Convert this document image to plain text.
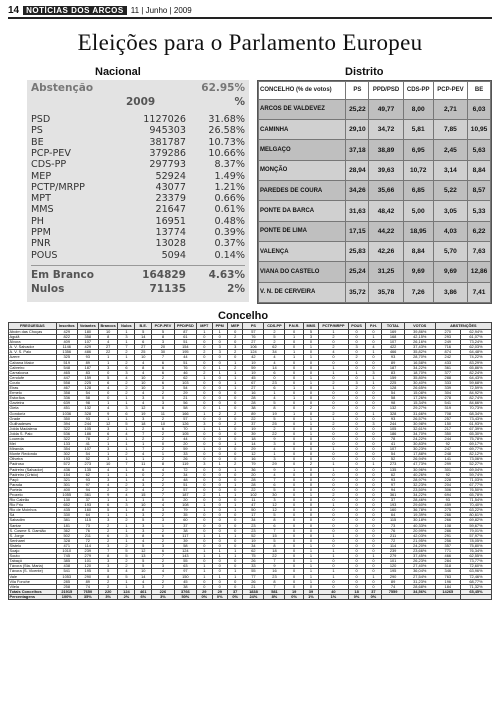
14 NOTÍCIAS DOS ARCOS 11 | Junho | 2009
Eleições para o Parlamento Europeu
Nacional	Distrito
Abstenção	62.95%
2009	%
PSD	1127026	31.68%
PS	945303	26.58%
BE	381787	10.73%
PCP-PEV	379286	10.66%
CDS-PP	297793	8.37%
MEP	52924	1.49%
PCTP/MRPP	43077	1.21%
MPT	23379	0.66%
MMS	21647	0.61%
PH	16951	0.48%
PPM	13774	0.39%
PNR	13028	0.37%
POUS	5094	0.14%
Em Branco	164829	4.63%
Nulos	71135	2%
CONCELHO (% de votos)	PS	PPD/PSD	CDS-PP	PCP-PEV	BE
ARCOS DE VALDEVEZ	25,22	49,77	8,00	2,71	6,03
CAMINHA	29,10	34,72	5,81	7,85	10,95
MELGAÇO	37,18	38,89	6,95	2,45	5,63
MONÇÃO	28,94	39,63	10,72	3,14	8,84
PAREDES DE COURA	34,26	35,66	6,85	5,22	8,57
PONTE DA BARCA	31,63	48,42	5,00	3,05	5,33
PONTE DE LIMA	17,15	44,22	18,95	4,03	6,22
VALENÇA	25,83	42,26	8,84	5,70	7,63
VIANA DO CASTELO	25,24	31,25	9,69	9,69	12,86
V. N. DE CERVEIRA	35,72	35,78	7,26	3,86	7,41
Concelho
FREGUESIAS	Inscritos	Votantes	Brancos	Nulos	B.E.	PCP-PEV	PPD/PSD	MPT	PPM	MEP	PS	CDS-PP	P.N.R.	MMS	PCTP/MRPP	POUS	P.H.	TOTAL	VOTOS	ABSTENÇÕES	
Aboim das Choças	429	180	10	1	5	5	87	1	1	0	57	2	0	5	1	0	0	169	39,86%	270	62,94%
Aguiã	822	358	8	3	14	8	61	0	0	2	76	5	1	3	2	0	1	168	42,15%	293	61,07%
Álvora	409	107	4	1	6	3	51	0	0	0	27	2	0	0	0	0	0	107	26,16%	249	73,24%
A. V. Salvador	1146	429	27	7	27	20	154	0	3	3	106	62	0	1	2	3	4	422	37,43%	716	62,03%
A. V. S. Paio	1356	486	22	2	25	30	195	2	3	2	124	34	1	0	4	0	1	466	35,82%	874	64,48%
Azere	325	93	1	1	10	7	44	0	0	0	42	4	1	1	0	2	0	93	28,70%	242	74,22%
Cabana Maior	519	89	1	2	4	6	51	0	0	1	19	4	0	0	0	0	0	89	16,58%	433	83,29%
Cabreiro	548	187	3	6	8	6	76	0	1	2	59	14	0	0	1	0	0	187	34,22%	361	65,86%
Carralcova	465	83	0	3	4	6	46	2	1	1	19	6	0	0	1	1	3	83	18,70%	377	82,24%
Cendufe	447	159	5	4	10	2	62	1	0	1	45	0	0	1	0	0	1	159	35,80%	288	64,43%
Couto	558	225	6	2	10	6	103	0	0	1	67	23	0	1	2	3	1	225	30,40%	333	59,68%
Eiras	467	128	4	2	10	3	54	0	0	1	27	6	1	0	1	2	0	128	26,65%	339	72,59%
Ermelo	358	54	0	2	4	2	29	0	0	0	16	1	0	0	0	0	0	54	15,08%	304	84,92%
Estorãos	336	58	0	1	3	0	21	0	0	0	28	4	1	0	0	0	0	58	17,26%	278	82,74%
Gavieira	639	98	1	1	4	3	56	0	0	0	28	5	0	0	0	0	0	98	15,34%	541	84,66%
Giela	451	132	4	3	12	6	58	0	1	0	38	8	0	2	0	0	0	132	29,27%	319	70,73%
Gondoriz	1036	328	9	6	19	11	166	1	2	2	89	19	1	0	2	0	1	328	31,66%	708	68,34%
Grade	350	93	1	1	3	2	57	0	0	0	22	5	0	1	1	0	0	93	26,57%	257	73,43%
Guilhadeses	394	244	12	5	18	10	126	3	0	2	37	25	0	1	2	0	3	244	30,98%	150	61,93%
Jolda Madalena	322	105	3	1	2	6	70	1	1	0	19	2	0	0	0	0	0	105	32,61%	217	67,39%
Jolda S. Paio	536	186	6	4	7	2	105	0	0	0	39	22	0	1	0	0	0	186	34,70%	350	65,30%
Loureda	322	78	2	1	2	2	44	0	0	0	18	9	0	0	0	0	0	78	24,22%	244	75,78%
Mei	133	41	1	1	1	0	20	0	0	1	14	3	0	0	0	0	0	41	30,83%	92	69,17%
Miranda	354	107	3	1	7	2	59	1	0	0	29	4	0	0	1	0	0	107	30,23%	247	69,77%
Monte Redondo	302	54	1	2	4	1	33	0	0	0	12	1	0	0	0	0	0	54	17,88%	248	82,12%
Oliveira	193	52	3	1	1	2	26	0	0	0	16	3	0	0	0	0	0	52	26,94%	141	73,06%
Padroso	572	273	10	7	11	8	119	3	1	2	79	29	0	2	1	0	1	273	47,73%	299	52,27%
Padreiro (Salvador)	436	135	4	1	6	4	72	0	0	1	36	9	1	0	1	0	0	135	30,96%	301	69,04%
Padreiro (Cristo)	154	62	1	1	0	2	34	0	0	0	20	4	0	0	0	0	0	62	40,26%	92	59,74%
Paçô	321	93	3	1	4	2	48	0	0	0	28	7	0	0	0	0	0	93	28,97%	228	71,03%
Parada	301	97	4	2	3	2	51	0	0	1	28	6	0	0	0	0	0	97	32,23%	204	67,77%
Portela	400	94	2	2	4	2	57	0	0	0	22	5	0	0	0	0	0	94	23,50%	306	76,50%
Prozelo	1055	361	9	4	15	7	187	2	1	1	102	30	0	1	2	0	0	361	34,22%	694	65,78%
Rio Cabrão	130	37	1	1	1	0	20	0	0	0	11	3	0	0	0	0	0	37	28,46%	93	71,54%
Rio Frio	652	193	6	3	10	4	108	1	0	1	47	12	0	0	1	0	0	193	29,60%	459	70,40%
Rio de Moinhos	435	160	5	1	8	3	79	1	0	1	50	12	0	0	0	0	0	160	36,78%	275	63,22%
Sá	330	64	1	1	3	2	35	0	0	0	17	5	0	0	0	0	0	64	19,39%	266	80,61%
Sabadim	381	115	3	2	5	3	60	0	0	0	34	8	0	0	0	0	0	115	30,18%	266	69,82%
Santar	181	73	2	1	3	1	37	0	0	0	23	6	0	0	0	0	0	73	40,33%	108	59,67%
S. Cosme S. Damião	362	76	2	1	3	2	38	0	0	0	23	7	0	0	0	0	0	76	20,99%	286	79,01%
S. Jorge	502	211	6	3	8	6	117	1	1	1	52	15	0	0	1	0	0	211	42,03%	291	57,97%
Senharei	328	72	2	1	4	2	39	0	0	0	19	5	0	0	0	0	0	72	21,95%	256	78,05%
Sistelo	471	114	3	2	5	3	58	0	0	0	34	8	0	1	0	0	0	114	24,20%	357	75,80%
Soajo	1010	239	7	5	12	6	124	1	1	1	62	18	0	1	1	0	0	239	23,66%	771	76,34%
Souto	745	279	8	5	13	7	143	1	1	1	75	22	0	1	1	0	1	279	37,45%	466	62,55%
Tabaçô	385	101	3	2	5	2	55	0	0	0	26	7	0	1	0	0	0	101	26,23%	284	73,77%
Távora (Sta. Maria)	438	120	3	2	5	3	63	1	0	0	33	9	0	1	0	0	0	120	27,40%	318	72,60%
Távora (S. Vicente)	541	195	5	4	10	4	97	1	0	1	55	16	0	1	1	0	0	195	36,04%	346	63,96%
Vale	1053	290	8	5	14	7	150	1	1	1	77	23	0	1	1	0	1	290	27,54%	763	72,46%
Vila Fonche	285	89	2	1	4	2	45	0	0	0	26	8	0	1	0	0	0	89	31,23%	196	68,77%
Vilela	258	74	2	1	3	2	38	0	0	0	21	7	0	0	0	0	0	74	28,68%	184	71,32%
Totais Concelhos	21915	7650	220	124	461	226	3766	29	29	37	1838	581	19	39	40	18	37	7559	34,56%	14265	65,45%
Percentagens	100%	35%	3%	2%	6%	3%	50%	0%	0%	0%	24%	8%	0%	1%	1%	0%	0%				
